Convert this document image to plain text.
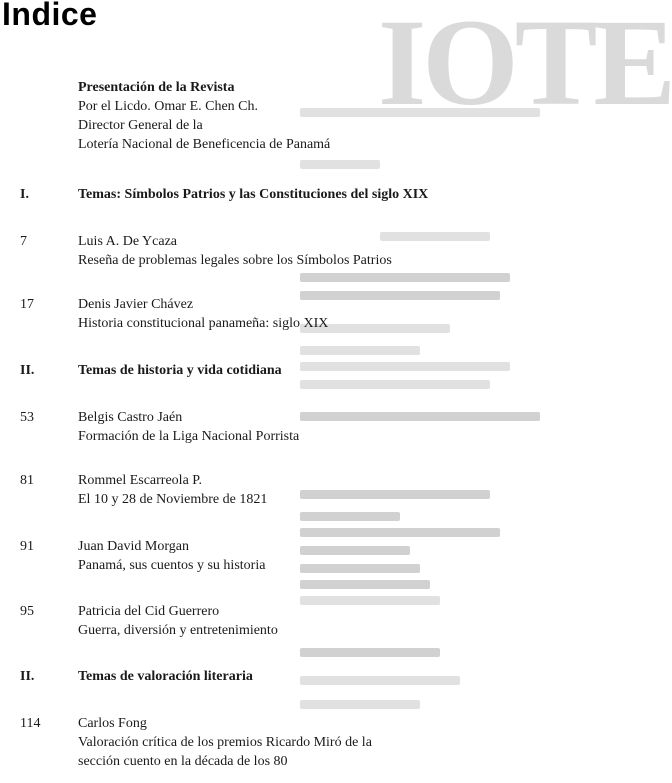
IOTE
Indice
Presentación de la Revista
Por el Licdo. Omar E. Chen Ch.
Director General de la
Lotería Nacional de Beneficencia de Panamá
I.	Temas: Símbolos Patrios y las Constituciones del siglo XIX
7	Luis A. De Ycaza
Reseña de problemas legales sobre los Símbolos Patrios
17	Denis Javier Chávez
Historia constitucional panameña: siglo XIX
II.	Temas de historia y vida cotidiana
53	Belgis Castro Jaén
Formación de la Liga Nacional Porrista
81	Rommel Escarreola P.
El 10 y 28 de Noviembre de 1821
91	Juan David Morgan
Panamá, sus cuentos y su historia
95	Patricia del Cid Guerrero
Guerra, diversión y entretenimiento
II.	Temas de valoración literaria
114	Carlos Fong
Valoración crítica de los premios Ricardo Miró de la
sección cuento en la década de los 80
